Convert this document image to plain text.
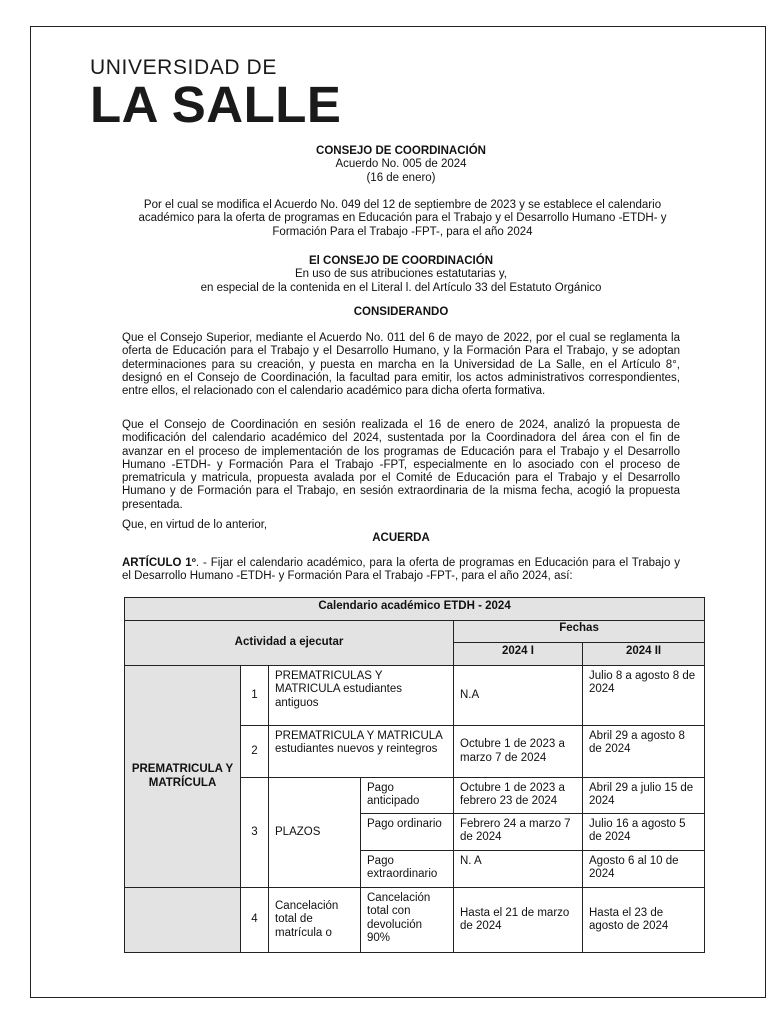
UNIVERSIDAD DE
LA SALLE
CONSEJO DE COORDINACIÓN
Acuerdo No. 005 de 2024
(16 de enero)
Por el cual se modifica el Acuerdo No. 049 del 12 de septiembre de 2023 y se establece el calendario académico para la oferta de programas en Educación para el Trabajo y el Desarrollo Humano -ETDH- y Formación Para el Trabajo -FPT-, para el año 2024
El CONSEJO DE COORDINACIÓN
En uso de sus atribuciones estatutarias y,
en especial de la contenida en el Literal l. del Artículo 33 del Estatuto Orgánico
CONSIDERANDO
Que el Consejo Superior, mediante el Acuerdo No. 011 del 6 de mayo de 2022, por el cual se reglamenta la oferta de Educación para el Trabajo y el Desarrollo Humano, y la Formación Para el Trabajo, y se adoptan determinaciones para su creación, y puesta en marcha en la Universidad de La Salle, en el Artículo 8°, designó en el Consejo de Coordinación, la facultad para emitir, los actos administrativos correspondientes, entre ellos, el relacionado con el calendario académico para dicha oferta formativa.
Que el Consejo de Coordinación en sesión realizada el 16 de enero de 2024, analizó la propuesta de modificación del calendario académico del 2024, sustentada por la Coordinadora del área con el fin de avanzar en el proceso de implementación de los programas de Educación para el Trabajo y el Desarrollo Humano -ETDH- y Formación Para el Trabajo -FPT, especialmente en lo asociado con el proceso de prematricula y matricula, propuesta avalada por el Comité de Educación para el Trabajo y el Desarrollo Humano y de Formación para el Trabajo, en sesión extraordinaria de la misma fecha, acogió la propuesta presentada.
Que, en virtud de lo anterior,
ACUERDA
ARTÍCULO 1º. - Fijar el calendario académico, para la oferta de programas en Educación para el Trabajo y el Desarrollo Humano -ETDH- y Formación Para el Trabajo -FPT-, para el año 2024, así:
Calendario académico ETDH - 2024					
Actividad a ejecutar				Fechas	
				2024 I	2024 II
PREMATRICULA Y MATRÍCULA	1	PREMATRICULAS Y MATRICULA estudiantes antiguos		N.A	Julio 8 a agosto 8 de 2024
	2	PREMATRICULA Y MATRICULA estudiantes nuevos y reintegros		Octubre 1 de 2023 a marzo 7 de 2024	Abril 29 a agosto 8 de 2024
	3	PLAZOS	Pago anticipado	Octubre 1 de 2023 a febrero 23 de 2024	Abril 29 a julio 15 de 2024
			Pago ordinario	Febrero 24 a marzo 7 de 2024	Julio 16 a agosto 5 de 2024
			Pago extraordinario	N. A	Agosto 6 al 10 de 2024
	4	Cancelación total de matrícula o	Cancelación total con devolución 90%	Hasta el 21 de marzo de 2024	Hasta el 23 de agosto de 2024
